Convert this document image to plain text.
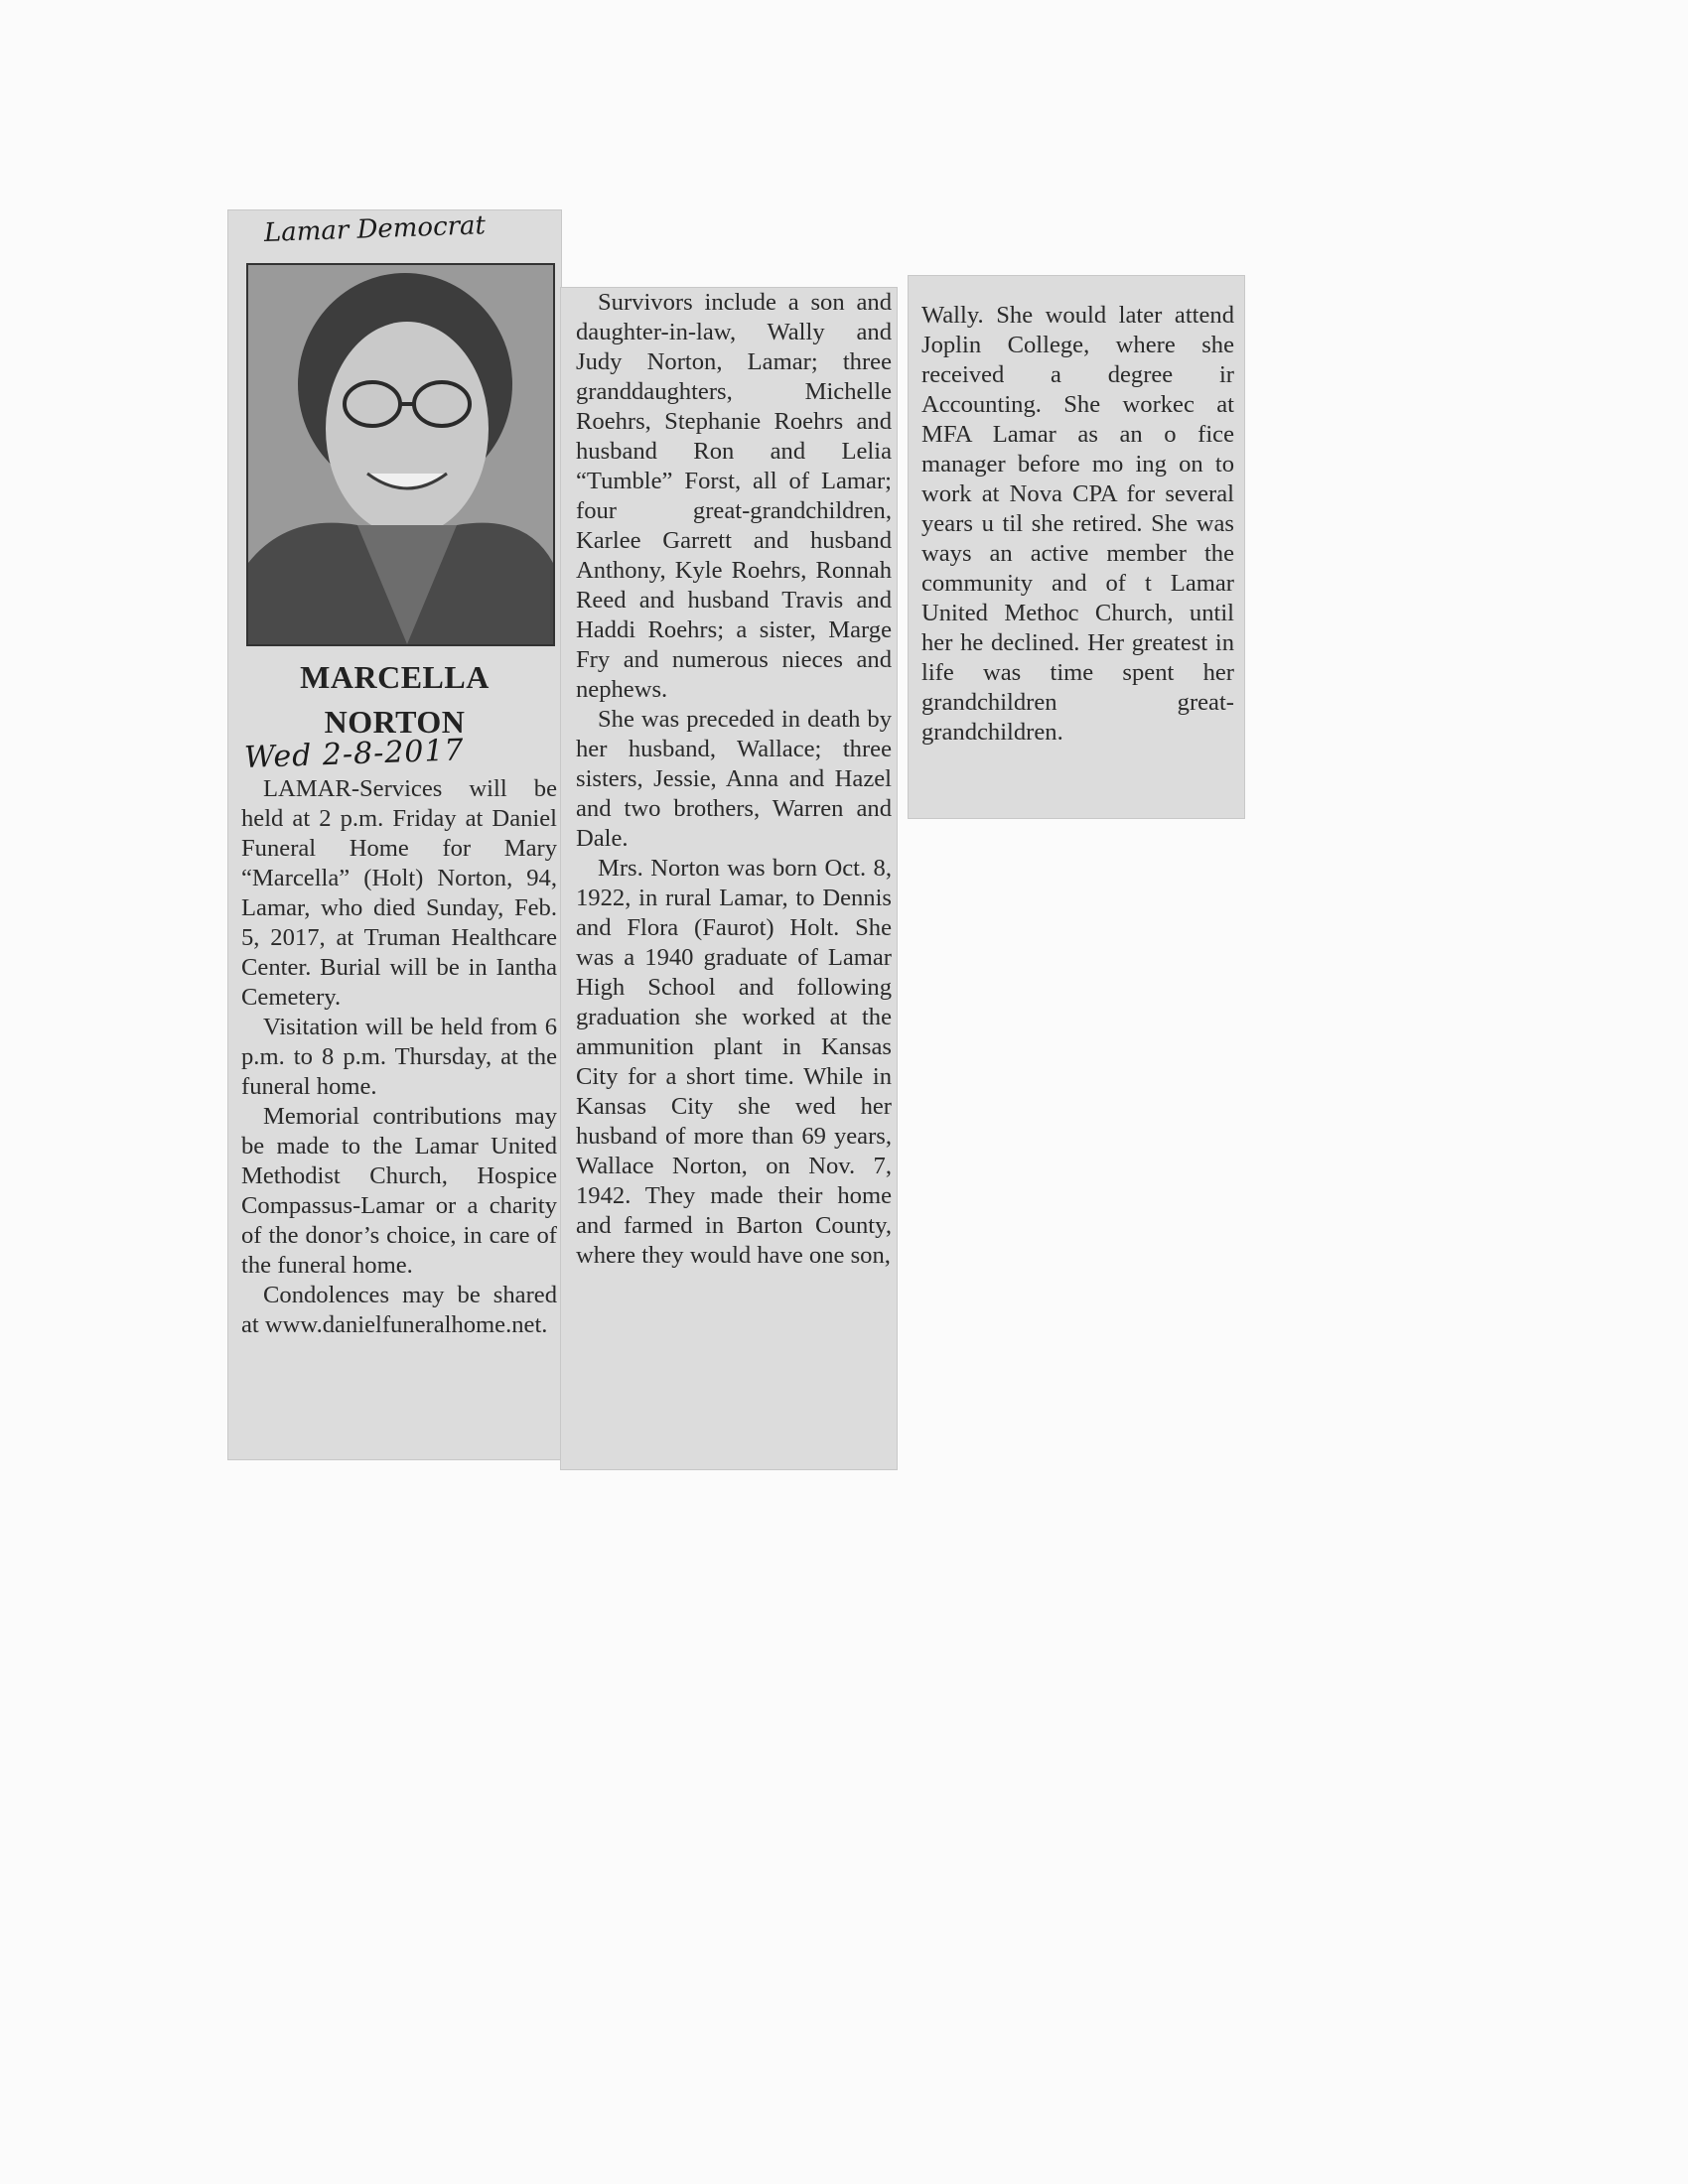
Lamar Democrat
MARCELLA
NORTON
Wed 2-8-2017

LAMAR-Services will be held at 2 p.m. Friday at Daniel Funeral Home for Mary “Marcella” (Holt) Norton, 94, Lamar, who died Sunday, Feb. 5, 2017, at Truman Healthcare Center. Burial will be in Iantha Cemetery.

Visitation will be held from 6 p.m. to 8 p.m. Thursday, at the funeral home.

Memorial contributions may be made to the Lamar United Methodist Church, Hospice Compassus-Lamar or a charity of the donor’s choice, in care of the funeral home.

Condolences may be shared at www.danielfuneralhome.net.

Survivors include a son and daughter-in-law, Wally and Judy Norton, Lamar; three granddaughters, Michelle Roehrs, Stephanie Roehrs and husband Ron and Lelia “Tumble” Forst, all of Lamar; four great-grandchildren, Karlee Garrett and husband Anthony, Kyle Roehrs, Ronnah Reed and husband Travis and Haddi Roehrs; a sister, Marge Fry and numerous nieces and nephews.

She was preceded in death by her husband, Wallace; three sisters, Jessie, Anna and Hazel and two brothers, Warren and Dale.

Mrs. Norton was born Oct. 8, 1922, in rural Lamar, to Dennis and Flora (Faurot) Holt. She was a 1940 graduate of Lamar High School and following graduation she worked at the ammunition plant in Kansas City for a short time. While in Kansas City she wed her husband of more than 69 years, Wallace Norton, on Nov. 7, 1942. They made their home and farmed in Barton County, where they would have one son,

Wally. She would later attend Joplin College, where she received a degree ir Accounting. She workec at MFA Lamar as an o fice manager before mo ing on to work at Nova CPA for several years u til she retired. She was ways an active member the community and of t Lamar United Methoc Church, until her he declined. Her greatest in life was time spent her grandchildren great-grandchildren.
